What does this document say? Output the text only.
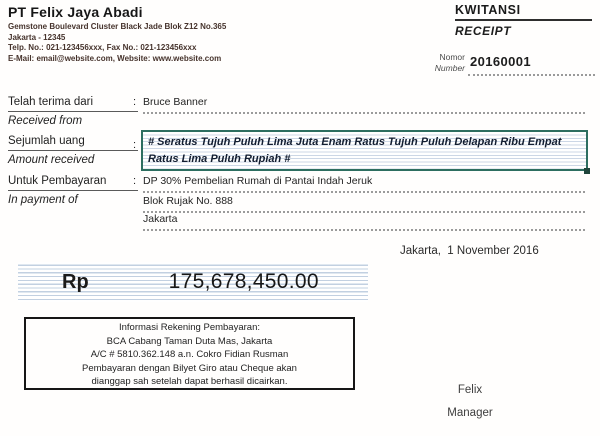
PT Felix Jaya Abadi
Gemstone Boulevard Cluster Black Jade Blok Z12 No.365
Jakarta - 12345
Telp. No.: 021-123456xxx, Fax No.: 021-123456xxx
E-Mail: email@website.com, Website: www.website.com
KWITANSI
RECEIPT
Nomor
Number 20160001
Telah terima dari
Received from
: Bruce Banner
Sejumlah uang
Amount received
:	# Seratus Tujuh Puluh Lima Juta Enam Ratus Tujuh Puluh Delapan Ribu Empat Ratus Lima Puluh Rupiah #
Untuk Pembayaran
In payment of
: DP 30% Pembelian Rumah di Pantai Indah Jeruk
Blok Rujak No. 888
Jakarta
Jakarta,  1 November 2016
Rp	175,678,450.00
Informasi Rekening Pembayaran:
BCA Cabang Taman Duta Mas, Jakarta
A/C # 5810.362.148 a.n. Cokro Fidian Rusman
Pembayaran dengan Bilyet Giro atau Cheque akan
dianggap sah setelah dapat berhasil dicairkan.
Felix
Manager
